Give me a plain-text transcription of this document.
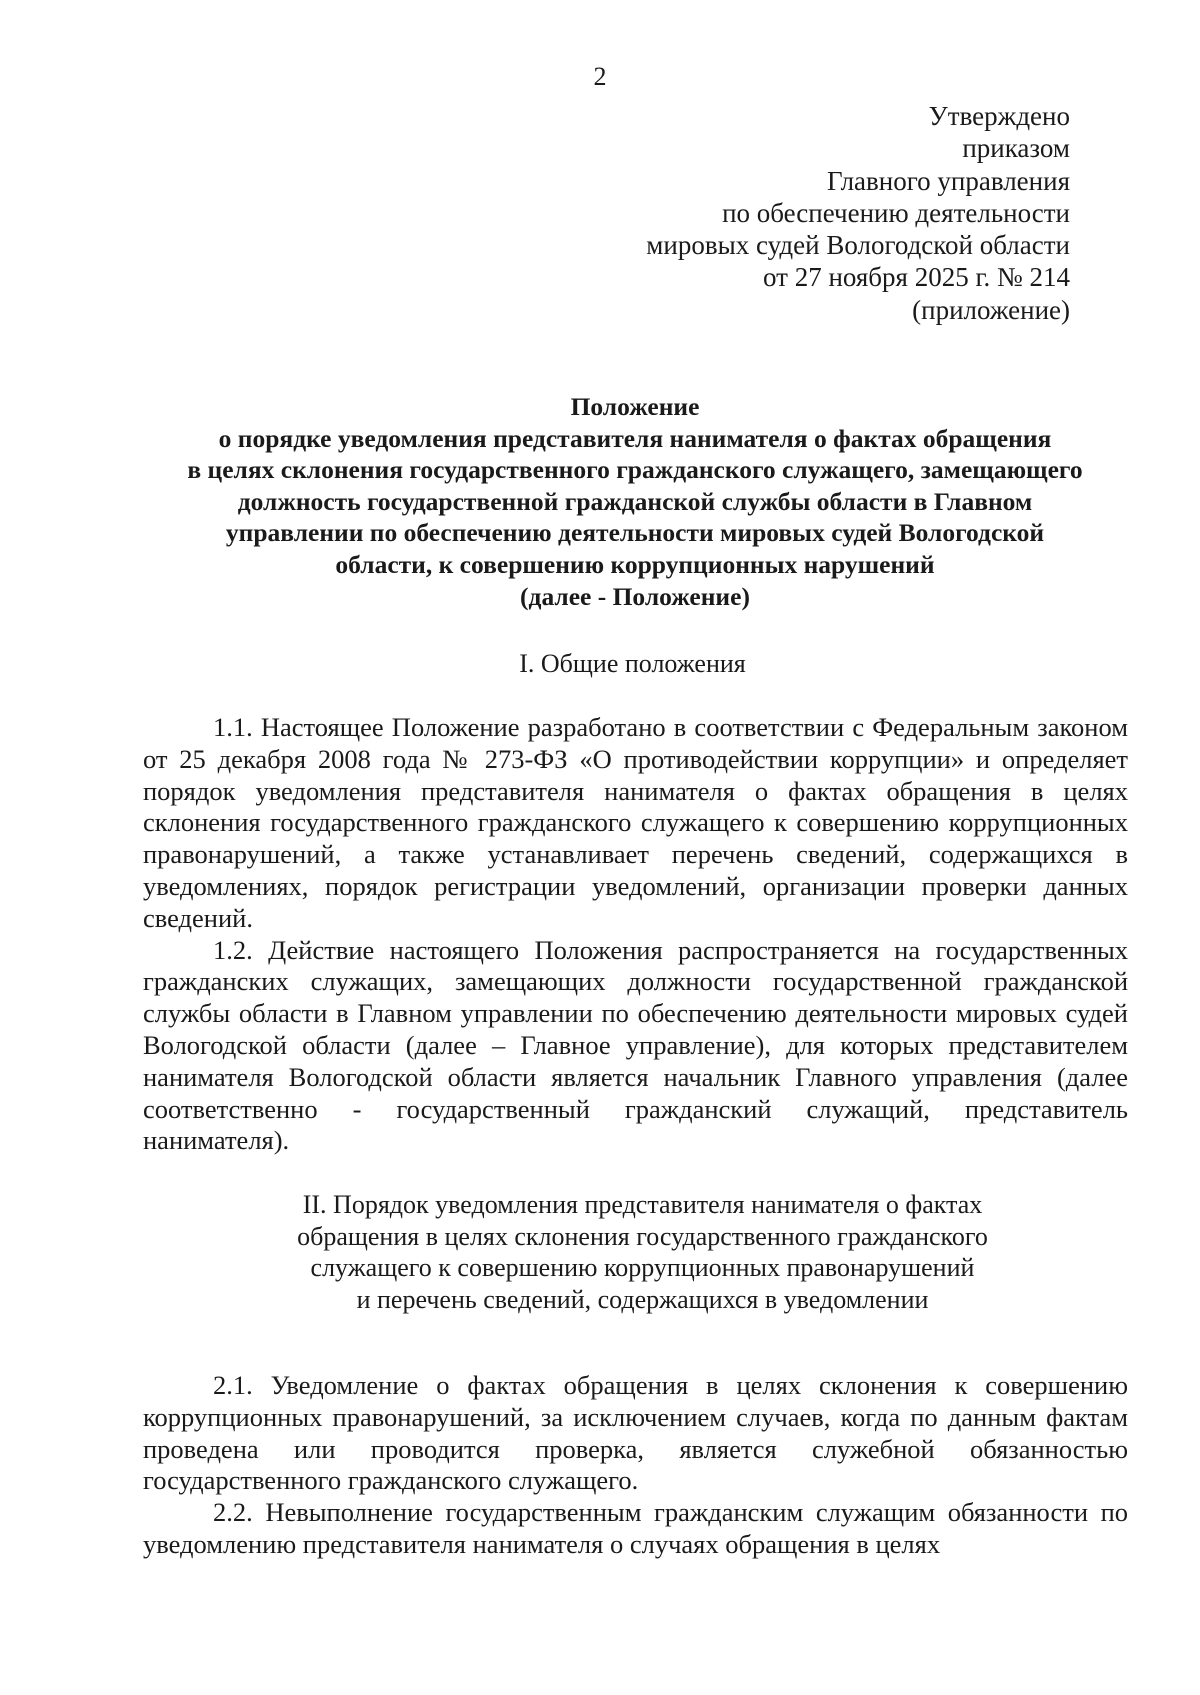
2
Утверждено
приказом
Главного управления
по обеспечению деятельности
мировых судей Вологодской области
от 27 ноября 2025 г. № 214
(приложение)
Положение
о порядке уведомления представителя нанимателя о фактах обращения
в целях склонения государственного гражданского служащего, замещающего
должность государственной гражданской службы области в Главном
управлении по обеспечению деятельности мировых судей Вологодской
области, к совершению коррупционных нарушений
(далее - Положение)
I. Общие положения

1.1. Настоящее Положение разработано в соответствии с Федеральным законом от 25 декабря 2008 года № 273-ФЗ «О противодействии коррупции» и определяет порядок уведомления представителя нанимателя о фактах обращения в целях склонения государственного гражданского служащего к совершению коррупционных правонарушений, а также устанавливает перечень сведений, содержащихся в уведомлениях, порядок регистрации уведомлений, организации проверки данных сведений.

1.2. Действие настоящего Положения распространяется на государственных гражданских служащих, замещающих должности государственной гражданской службы области в Главном управлении по обеспечению деятельности мировых судей Вологодской области (далее – Главное управление), для которых представителем нанимателя Вологодской области является начальник Главного управления (далее соответственно - государственный гражданский служащий, представитель нанимателя).

II. Порядок уведомления представителя нанимателя о фактах
обращения в целях склонения государственного гражданского
служащего к совершению коррупционных правонарушений
и перечень сведений, содержащихся в уведомлении

2.1. Уведомление о фактах обращения в целях склонения к совершению коррупционных правонарушений, за исключением случаев, когда по данным фактам проведена или проводится проверка, является служебной обязанностью государственного гражданского служащего.

2.2. Невыполнение государственным гражданским служащим обязанности по уведомлению представителя нанимателя о случаях обращения в целях
